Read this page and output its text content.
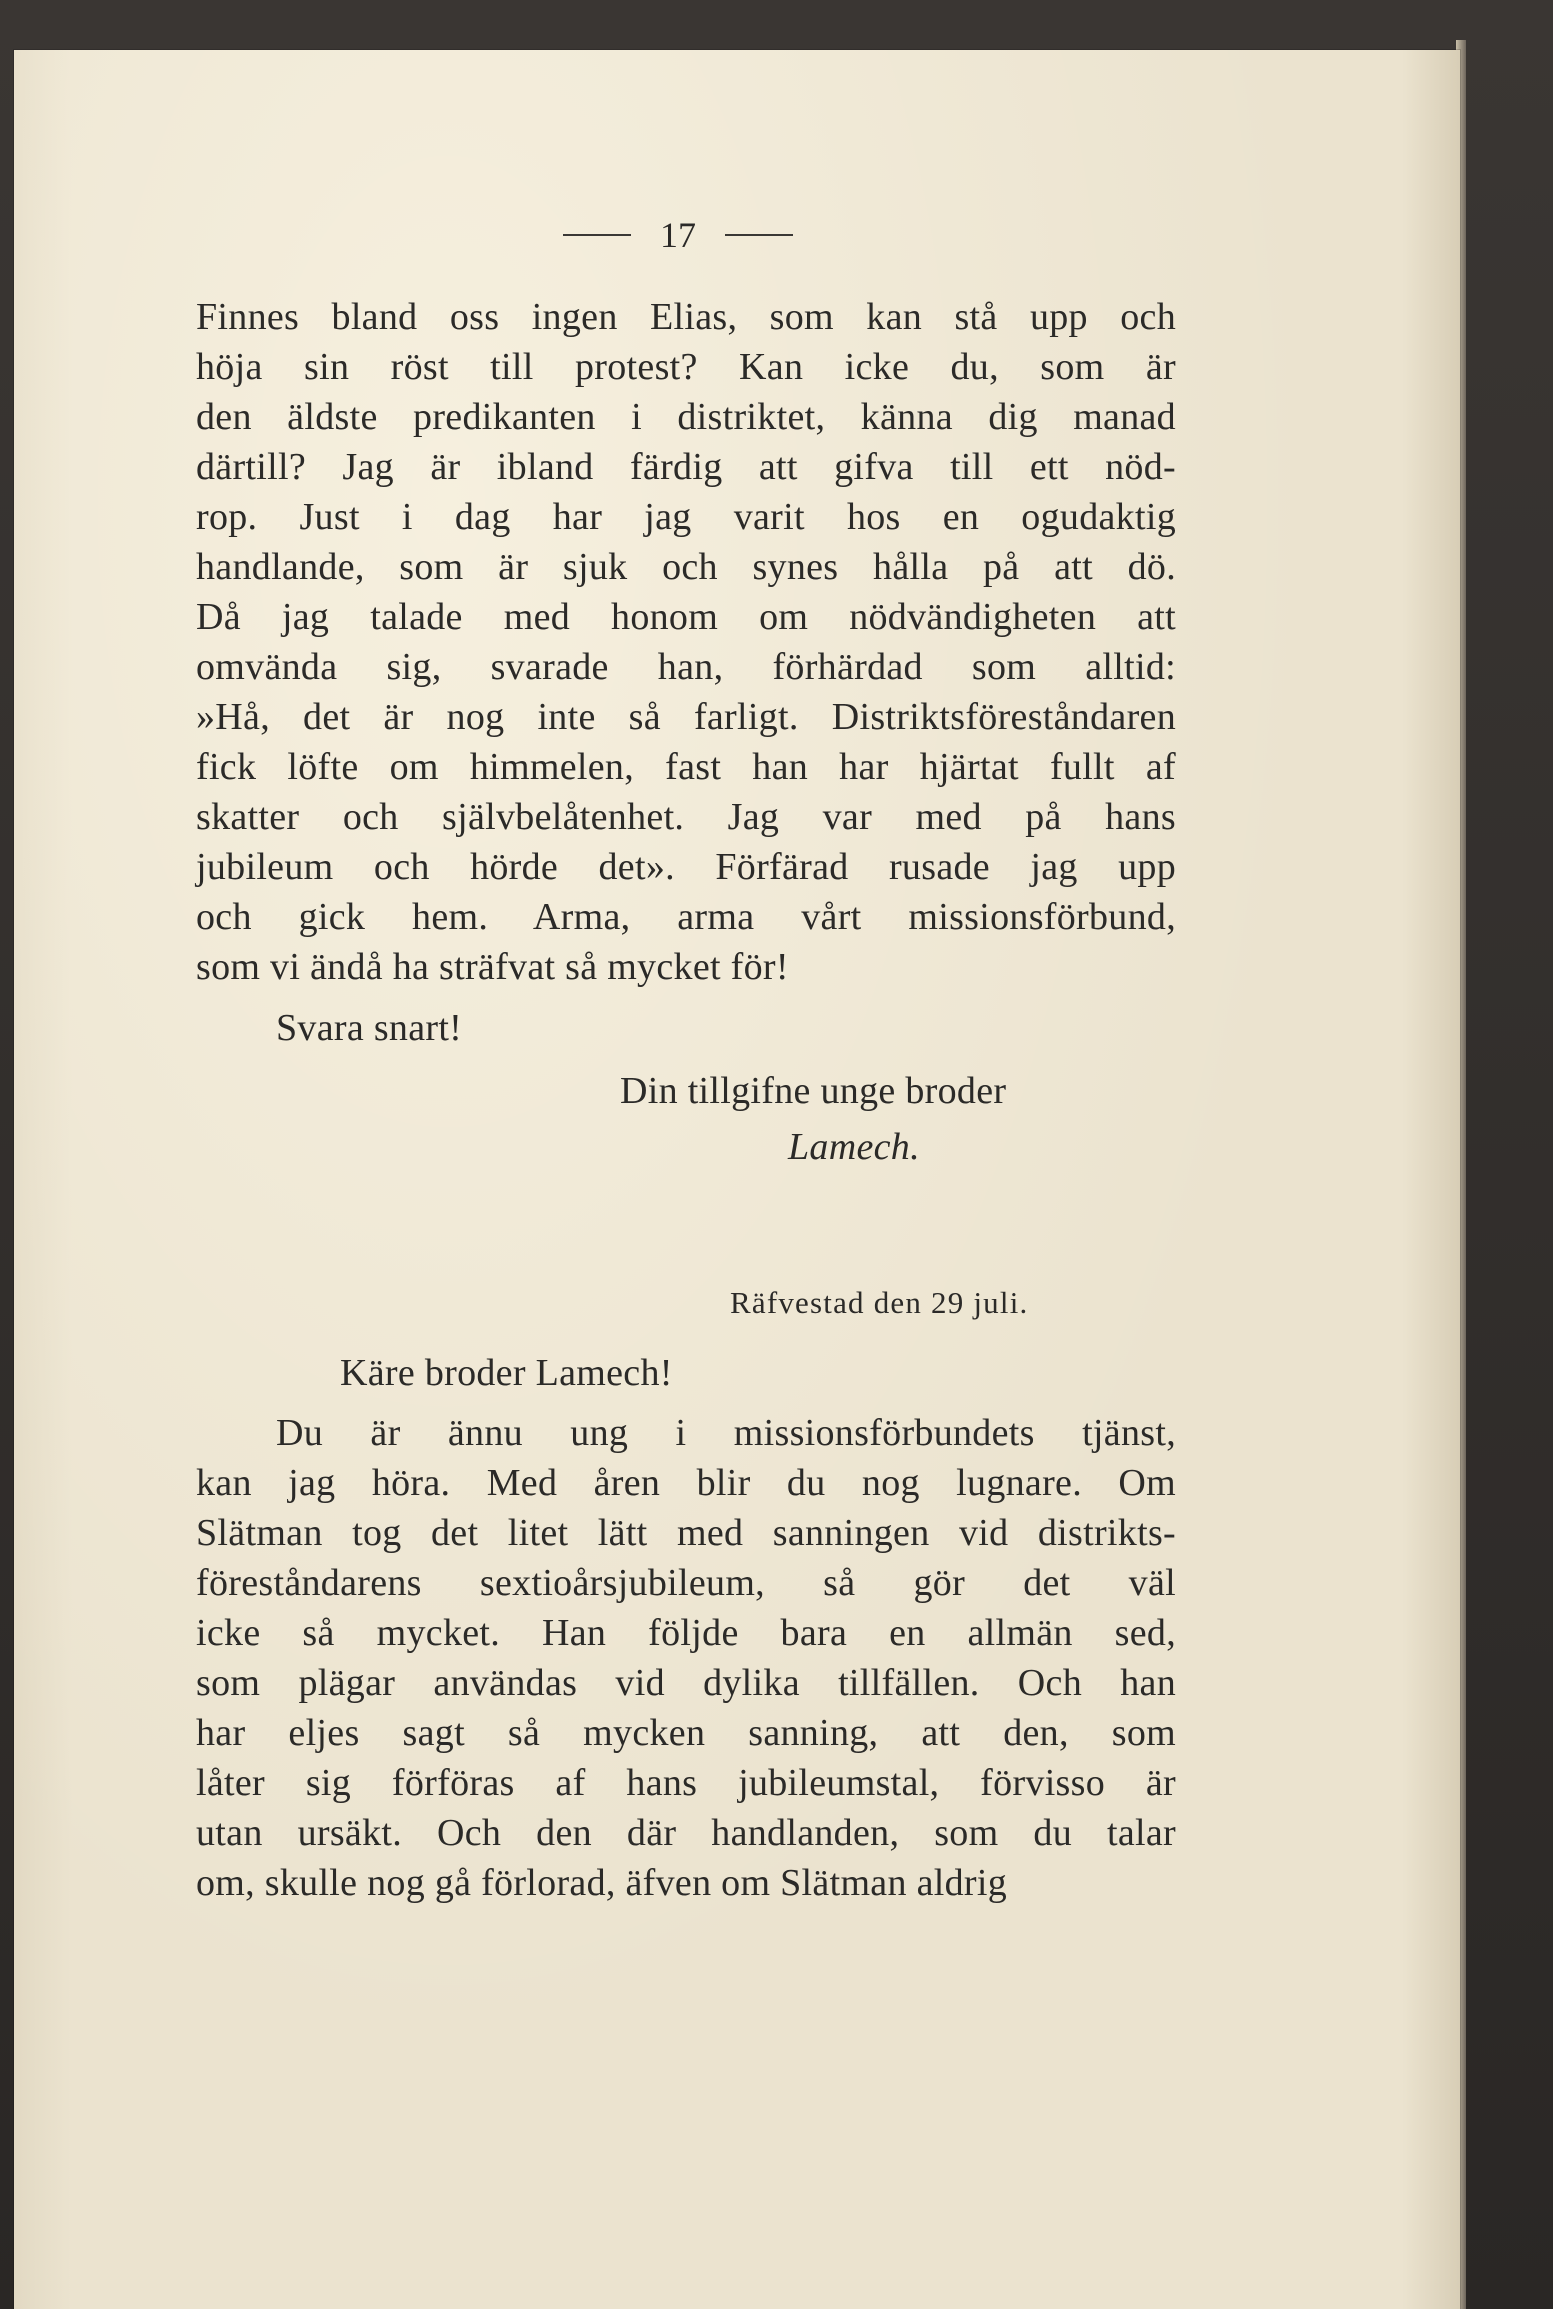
17
Finnes bland oss ingen Elias, som kan stå upp och
höja sin röst till protest? Kan icke du, som är
den äldste predikanten i distriktet, känna dig manad
därtill? Jag är ibland färdig att gifva till ett nöd-
rop. Just i dag har jag varit hos en ogudaktig
handlande, som är sjuk och synes hålla på att dö.
Då jag talade med honom om nödvändigheten att
omvända sig, svarade han, förhärdad som alltid:
»Hå, det är nog inte så farligt. Distriktsföreståndaren
fick löfte om himmelen, fast han har hjärtat fullt af
skatter och självbelåtenhet. Jag var med på hans
jubileum och hörde det». Förfärad rusade jag upp
och gick hem. Arma, arma vårt missionsförbund,
som vi ändå ha sträfvat så mycket för!
Svara snart!
Din tillgifne unge broder
Lamech.
Räfvestad den 29 juli.
Käre broder Lamech!
Du är ännu ung i missionsförbundets tjänst,
kan jag höra. Med åren blir du nog lugnare. Om
Slätman tog det litet lätt med sanningen vid distrikts-
föreståndarens sextioårsjubileum, så gör det väl
icke så mycket. Han följde bara en allmän sed,
som plägar användas vid dylika tillfällen. Och han
har eljes sagt så mycken sanning, att den, som
låter sig förföras af hans jubileumstal, förvisso är
utan ursäkt. Och den där handlanden, som du talar
om, skulle nog gå förlorad, äfven om Slätman aldrig
